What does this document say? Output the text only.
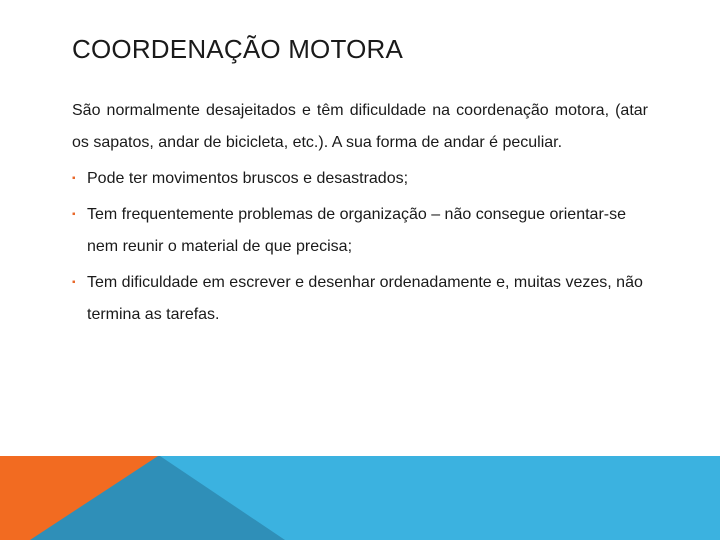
COORDENAÇÃO MOTORA

São normalmente desajeitados e têm dificuldade na coordenação motora, (atar os sapatos, andar de bicicleta, etc.). A sua forma de andar é peculiar.

▪ Pode ter movimentos bruscos e desastrados;
▪ Tem frequentemente problemas de organização – não consegue orientar-se nem reunir o material de que precisa;
▪ Tem dificuldade em escrever e desenhar ordenadamente e, muitas vezes, não termina as tarefas.
